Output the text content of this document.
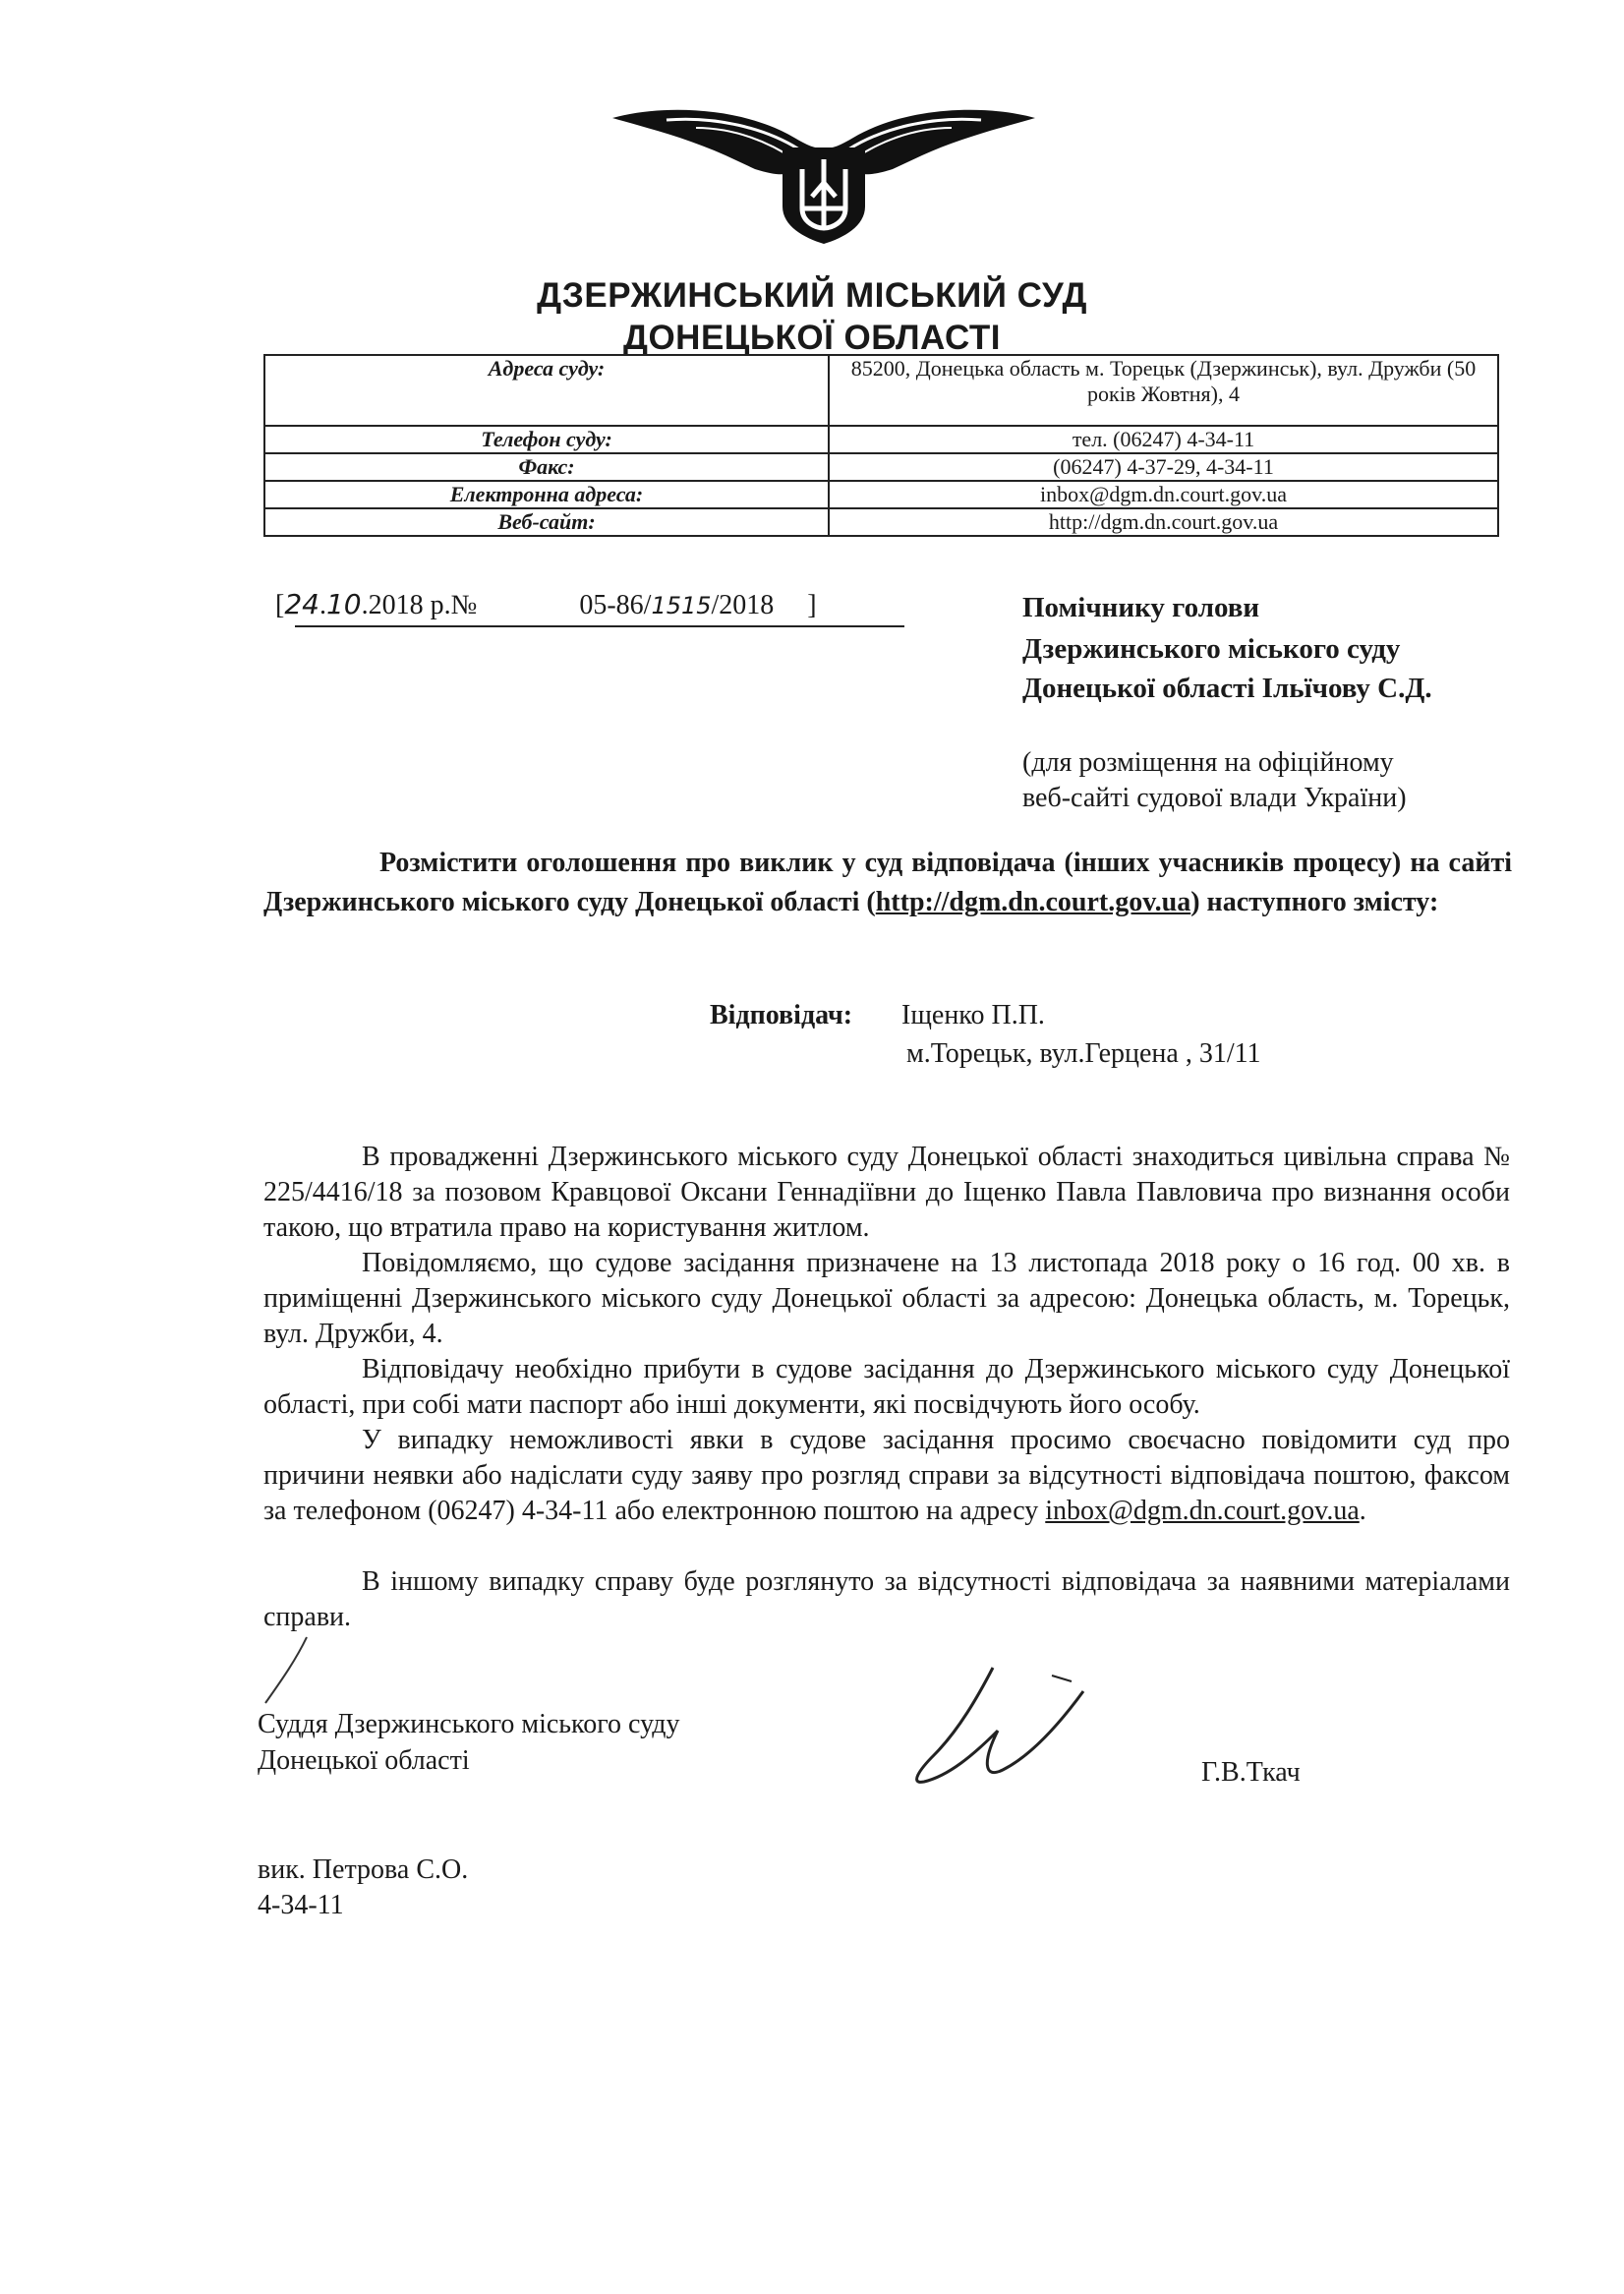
ДЗЕРЖИНСЬКИЙ МІСЬКИЙ СУД
ДОНЕЦЬКОЇ ОБЛАСТІ
Адреса суду:	85200, Донецька область м. Торецьк (Дзержинськ), вул. Дружби (50 років Жовтня), 4
Телефон суду:	тел. (06247) 4-34-11
Факс:	(06247) 4-37-29, 4-34-11
Електронна адреса:	inbox@dgm.dn.court.gov.ua
Веб-сайт:	http://dgm.dn.court.gov.ua
[24.10.2018 р.№	05-86/1515/2018 ]	Помічнику голови
Дзержинського міського суду
Донецької області Ільїчову С.Д.
(для розміщення на офіційному
веб-сайті судової влади України)
Розмістити оголошення про виклик у суд відповідача (інших учасників процесу) на сайті Дзержинського міського суду Донецької області (http://dgm.dn.court.gov.ua) наступного змісту:
Відповідач: Іщенко П.П.
м.Торецьк, вул.Герцена , 31/11
В провадженні Дзержинського міського суду Донецької області знаходиться цивільна справа № 225/4416/18 за позовом Кравцової Оксани Геннадіївни до Іщенко Павла Павловича про визнання особи такою, що втратила право на користування житлом.
Повідомляємо, що судове засідання призначене на 13 листопада 2018 року о 16 год. 00 хв. в приміщенні Дзержинського міського суду Донецької області за адресою: Донецька область, м. Торецьк, вул. Дружби, 4.
Відповідачу необхідно прибути в судове засідання до Дзержинського міського суду Донецької області, при собі мати паспорт або інші документи, які посвідчують його особу.
У випадку неможливості явки в судове засідання просимо своєчасно повідомити суд про причини неявки або надіслати суду заяву про розгляд справи за відсутності відповідача поштою, факсом за телефоном (06247) 4-34-11 або електронною поштою на адресу inbox@dgm.dn.court.gov.ua.
В іншому випадку справу буде розглянуто за відсутності відповідача за наявними матеріалами справи.
Суддя Дзержинського міського суду
Донецької області	Г.В.Ткач
вик. Петрова С.О.
4-34-11
